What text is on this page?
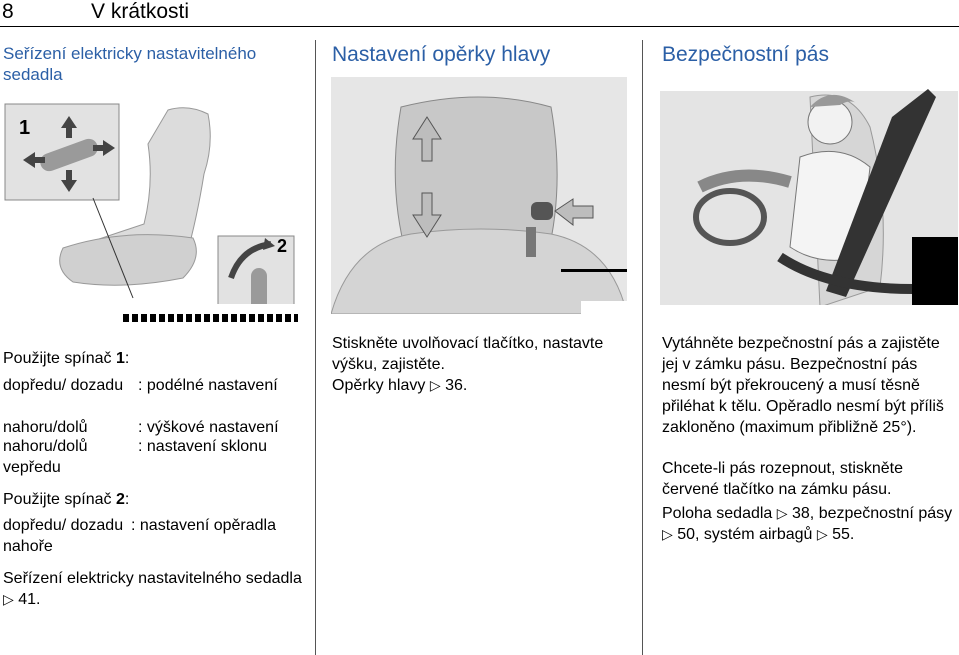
8	V krátkosti
Seřízení elektricky nastavitelného sedadla
1
2
Použijte spínač 1:
dopředu/ dozadu : podélné nastavení
nahoru/dolů	: výškové nastavení
nahoru/dolů vepředu
: nastavení sklonu
Použijte spínač 2:
dopředu/ dozadu nahoře
: nastavení opěradla
Seřízení elektricky nastavitelného sedadla ▷ 41.
Nastavení opěrky hlavy
Stiskněte uvolňovací tlačítko, nastavte výšku, zajistěte.
Opěrky hlavy ▷ 36.
Bezpečnostní pás
Vytáhněte bezpečnostní pás a zajistěte jej v zámku pásu. Bezpečnostní pás nesmí být překroucený a musí těsně přiléhat k tělu. Opěradlo nesmí být příliš zakloněno (maximum přibližně 25°).
Chcete-li pás rozepnout, stiskněte červené tlačítko na zámku pásu.
Poloha sedadla ▷ 38, bezpečnostní pásy ▷ 50, systém airbagů ▷ 55.
